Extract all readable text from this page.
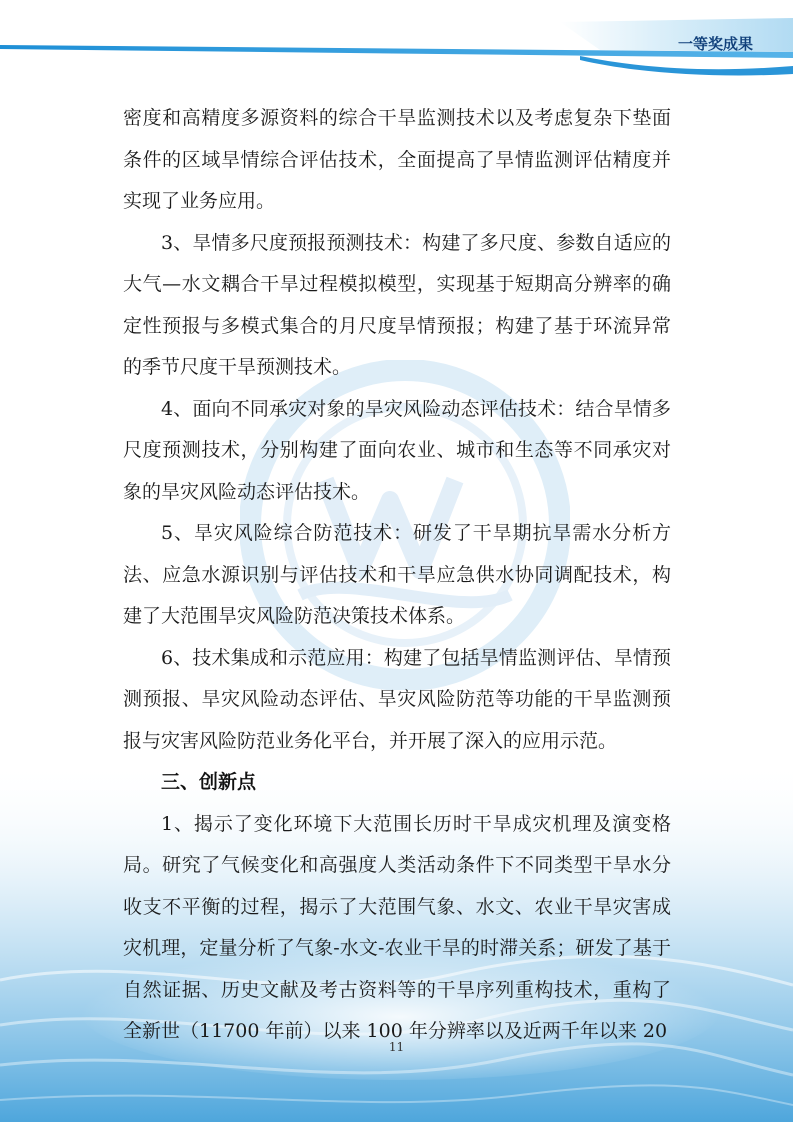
一等奖成果

密度和高精度多源资料的综合干旱监测技术以及考虑复杂下垫面条件的区域旱情综合评估技术，全面提高了旱情监测评估精度并实现了业务应用。

3、旱情多尺度预报预测技术：构建了多尺度、参数自适应的大气—水文耦合干旱过程模拟模型，实现基于短期高分辨率的确定性预报与多模式集合的月尺度旱情预报；构建了基于环流异常的季节尺度干旱预测技术。

4、面向不同承灾对象的旱灾风险动态评估技术：结合旱情多尺度预测技术，分别构建了面向农业、城市和生态等不同承灾对象的旱灾风险动态评估技术。

5、旱灾风险综合防范技术：研发了干旱期抗旱需水分析方法、应急水源识别与评估技术和干旱应急供水协同调配技术，构建了大范围旱灾风险防范决策技术体系。

6、技术集成和示范应用：构建了包括旱情监测评估、旱情预测预报、旱灾风险动态评估、旱灾风险防范等功能的干旱监测预报与灾害风险防范业务化平台，并开展了深入的应用示范。

三、创新点

1、揭示了变化环境下大范围长历时干旱成灾机理及演变格局。研究了气候变化和高强度人类活动条件下不同类型干旱水分收支不平衡的过程，揭示了大范围气象、水文、农业干旱灾害成灾机理，定量分析了气象-水文-农业干旱的时滞关系；研发了基于自然证据、历史文献及考古资料等的干旱序列重构技术，重构了全新世（11700 年前）以来 100 年分辨率以及近两千年以来 20

11
